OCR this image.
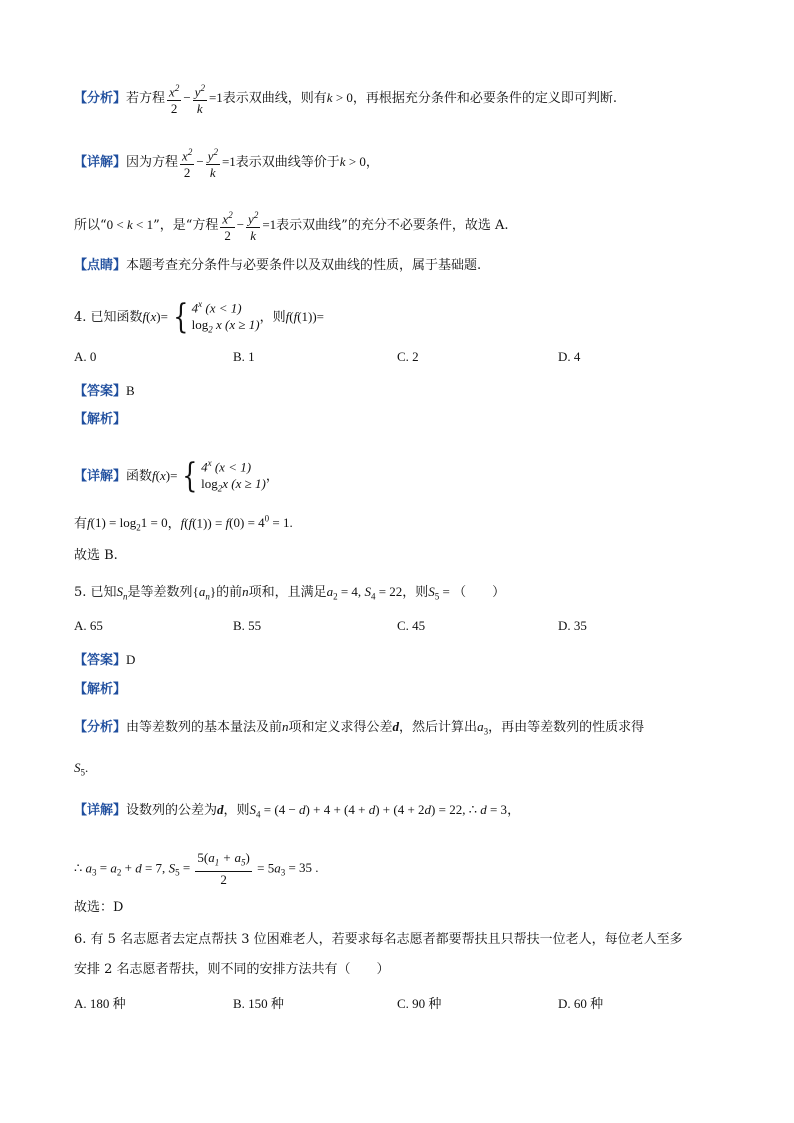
【分析】若方程 $\frac{x^2}{2} - \frac{y^2}{k} =1$表示双曲线，则有k > 0，再根据充分条件和必要条件的定义即可判断.
【详解】因为方程 $\frac{x^2}{2} - \frac{y^2}{k} =1$表示双曲线等价于k > 0，
所以“0 < k < 1”，是“方程 $\frac{x^2}{2} - \frac{y^2}{k} =1$表示双曲线”的充分不必要条件，故选 A.
【点睛】本题考查充分条件与必要条件以及双曲线的性质，属于基础题.
4. 已知函数f(x)= { 4$^x$ (x < 1)
$\log_2 x$ (x ≥ 1) ，则f(f(1))=
A. 0	B. 1	C. 2	D. 4
【答案】B
【解析】
【详解】函数f(x)= { 4$^x$ (x < 1)
$\log_2x$ (x ≥ 1) ，
有$f(1) = \log_21 = 0$，$f(f(1)) = f(0) = 4^0 = 1$.
故选 B.
5. 已知$S_n$是等差数列$\{a_n\}$的前n项和，且满足$a_2 = 4$, $S_4 = 22$，则$S_5$ = （　　）
A. 65	B. 55	C. 45	D. 35
【答案】D
【解析】
【分析】由等差数列的基本量法及前n项和定义求得公差d，然后计算出$a_3$，再由等差数列的性质求得
$S_5$.
【详解】设数列的公差为d，则$S_4 = (4 - d) + 4 + (4 + d) + (4 + 2d) = 22$, ∴ d = 3，
∴ $a_3 = a_2 + d = 7$, $S_5 = \frac{5(a_1 + a_5)}{2} = 5a_3 = 35$ .
故选：D
6. 有 5 名志愿者去定点帮扶 3 位困难老人，若要求每名志愿者都要帮扶且只帮扶一位老人，每位老人至多
安排 2 名志愿者帮扶，则不同的安排方法共有（　　）
A. 180 种	B. 150 种	C. 90 种	D. 60 种
